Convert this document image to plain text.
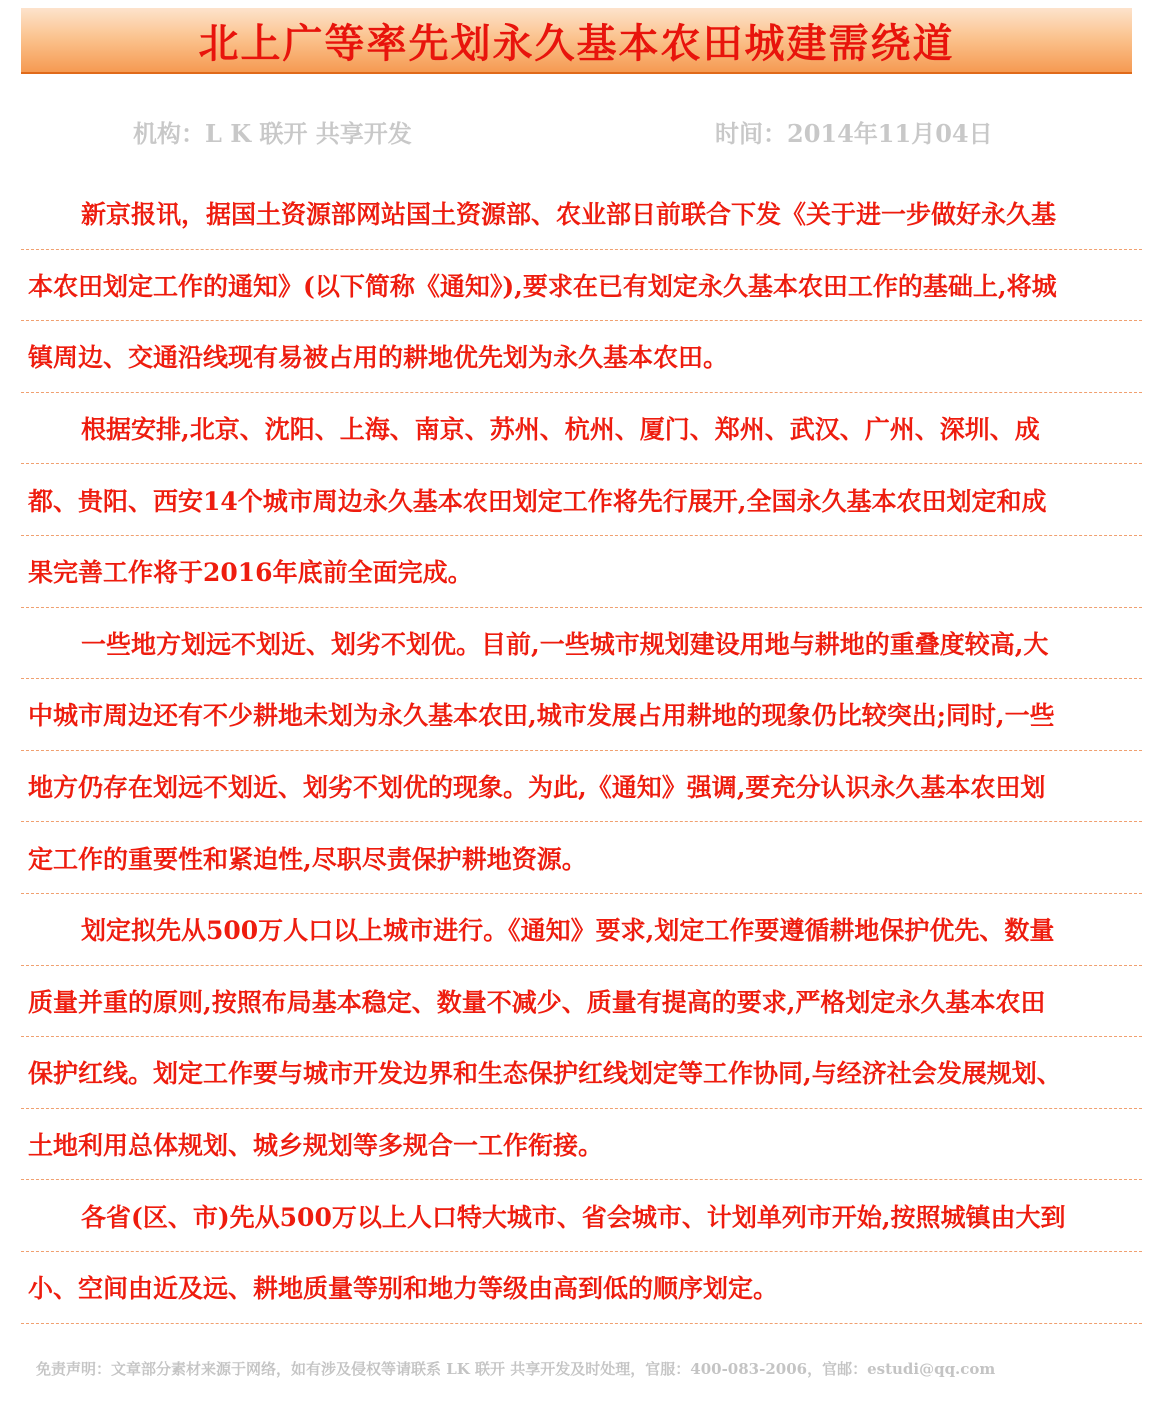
北上广等率先划永久基本农田城建需绕道
机构：L K 联开 共享开发	时间：2014年11月04日
新京报讯，据国土资源部网站国土资源部、农业部日前联合下发《关于进一步做好永久基
本农田划定工作的通知》(以下简称《通知》),要求在已有划定永久基本农田工作的基础上,将城
镇周边、交通沿线现有易被占用的耕地优先划为永久基本农田。
根据安排,北京、沈阳、上海、南京、苏州、杭州、厦门、郑州、武汉、广州、深圳、成
都、贵阳、西安14个城市周边永久基本农田划定工作将先行展开,全国永久基本农田划定和成
果完善工作将于2016年底前全面完成。
一些地方划远不划近、划劣不划优。目前,一些城市规划建设用地与耕地的重叠度较高,大
中城市周边还有不少耕地未划为永久基本农田,城市发展占用耕地的现象仍比较突出;同时,一些
地方仍存在划远不划近、划劣不划优的现象。为此,《通知》强调,要充分认识永久基本农田划
定工作的重要性和紧迫性,尽职尽责保护耕地资源。
划定拟先从500万人口以上城市进行。《通知》要求,划定工作要遵循耕地保护优先、数量
质量并重的原则,按照布局基本稳定、数量不减少、质量有提高的要求,严格划定永久基本农田
保护红线。划定工作要与城市开发边界和生态保护红线划定等工作协同,与经济社会发展规划、
土地利用总体规划、城乡规划等多规合一工作衔接。
各省(区、市)先从500万以上人口特大城市、省会城市、计划单列市开始,按照城镇由大到
小、空间由近及远、耕地质量等别和地力等级由高到低的顺序划定。
免责声明：文章部分素材来源于网络，如有涉及侵权等请联系 LK 联开 共享开发及时处理，官服：400-083-2006，官邮：estudi@qq.com
